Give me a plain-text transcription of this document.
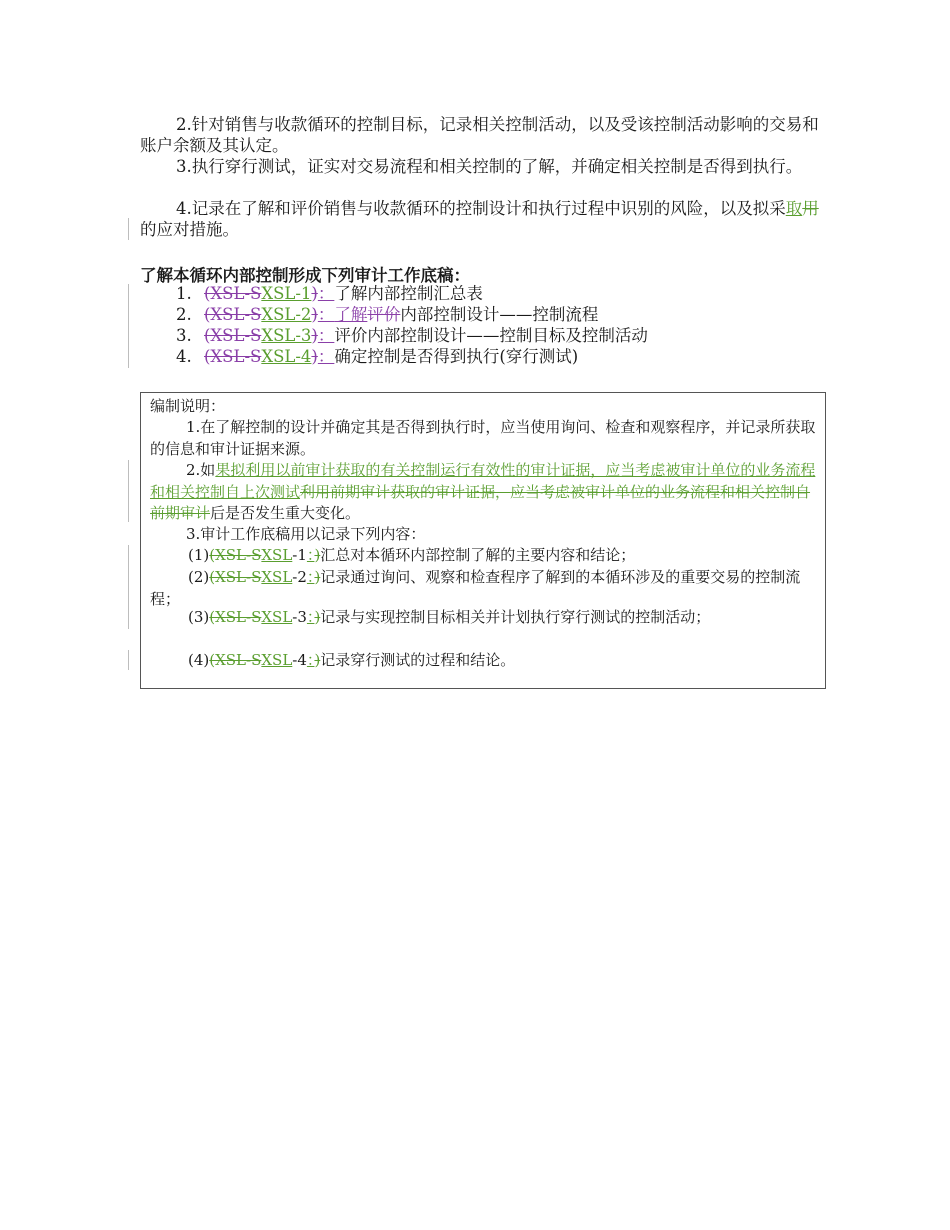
2.针对销售与收款循环的控制目标，记录相关控制活动，以及受该控制活动影响的交易和账户余额及其认定。

3.执行穿行测试，证实对交易流程和相关控制的了解，并确定相关控制是否得到执行。

4.记录在了解和评价销售与收款循环的控制设计和执行过程中识别的风险，以及拟采取用的应对措施。

了解本循环内部控制形成下列审计工作底稿：

1. (XSL-SXSL-1)：了解内部控制汇总表
2. (XSL-SXSL-2)：了解评价内部控制设计——控制流程
3. (XSL-SXSL-3)：评价内部控制设计——控制目标及控制活动
4. (XSL-SXSL-4)：确定控制是否得到执行(穿行测试)

编制说明：

1.在了解控制的设计并确定其是否得到执行时，应当使用询问、检查和观察程序，并记录所获取的信息和审计证据来源。

2.如果拟利用以前审计获取的有关控制运行有效性的审计证据，应当考虑被审计单位的业务流程和相关控制自上次测试利用前期审计获取的审计证据，应当考虑被审计单位的业务流程和相关控制自前期审计后是否发生重大变化。

3.审计工作底稿用以记录下列内容：

(1)(XSL-SXSL-1：)汇总对本循环内部控制了解的主要内容和结论；

(2)(XSL-SXSL-2：)记录通过询问、观察和检查程序了解到的本循环涉及的重要交易的控制流程；

(3)(XSL-SXSL-3：)记录与实现控制目标相关并计划执行穿行测试的控制活动；

(4)(XSL-SXSL-4：)记录穿行测试的过程和结论。
